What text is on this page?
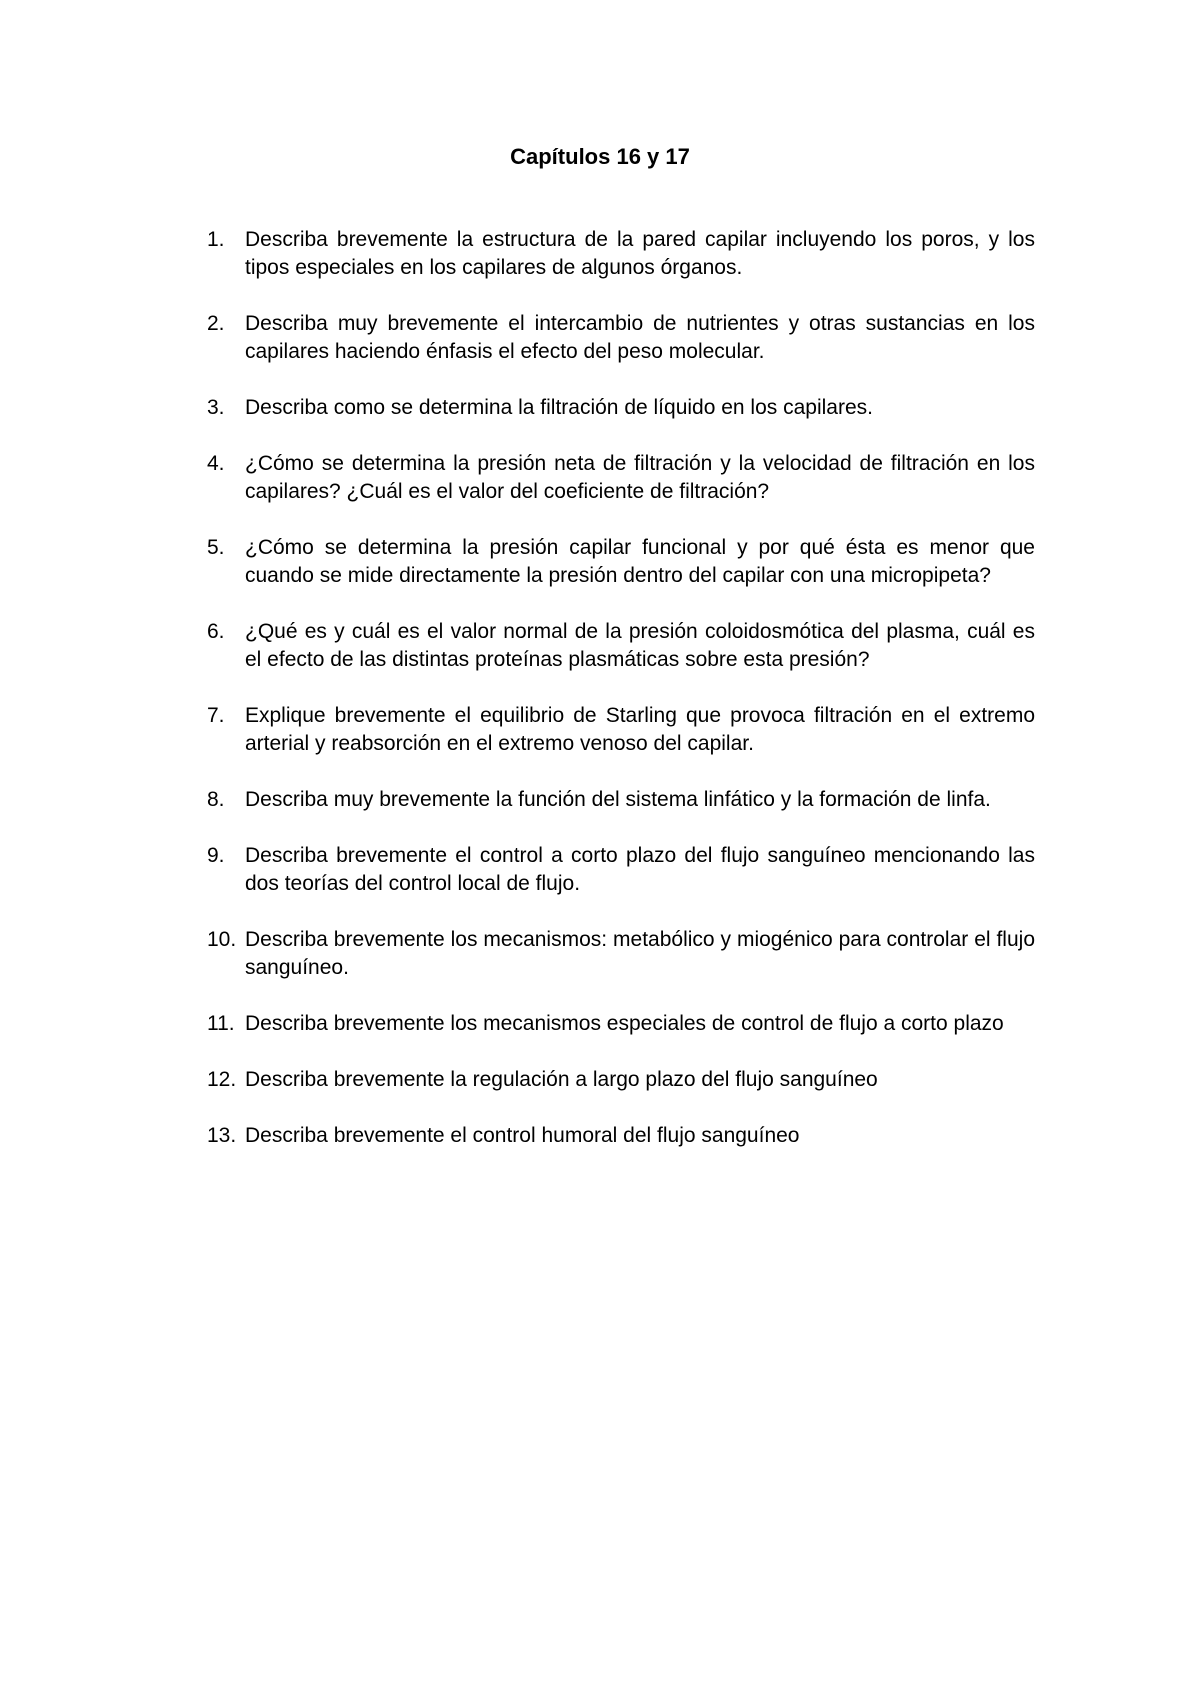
Capítulos 16 y 17
1. Describa brevemente la estructura de la pared capilar incluyendo los poros, y los tipos especiales en los capilares de algunos órganos.
2. Describa muy brevemente el intercambio de nutrientes y otras sustancias en los capilares haciendo énfasis el efecto del peso molecular.
3. Describa como se determina la filtración de líquido en los capilares.
4. ¿Cómo se determina la presión neta de filtración y la velocidad de filtración en los capilares? ¿Cuál es el valor del coeficiente de filtración?
5. ¿Cómo se determina la presión capilar funcional y por qué ésta es menor que cuando se mide directamente la presión dentro del capilar con una micropipeta?
6. ¿Qué es y cuál es el valor normal de la presión coloidosmótica del plasma, cuál es el efecto de las distintas proteínas plasmáticas sobre esta presión?
7. Explique brevemente el equilibrio de Starling que provoca filtración en el extremo arterial y reabsorción en el extremo venoso del capilar.
8. Describa muy brevemente la función del sistema linfático y la formación de linfa.
9. Describa brevemente el control a corto plazo del flujo sanguíneo mencionando las dos teorías del control local de flujo.
10. Describa brevemente los mecanismos: metabólico y miogénico para controlar el flujo sanguíneo.
11. Describa brevemente los mecanismos especiales de control de flujo a corto plazo
12. Describa brevemente la regulación a largo plazo del flujo sanguíneo
13. Describa brevemente el control humoral del flujo sanguíneo
